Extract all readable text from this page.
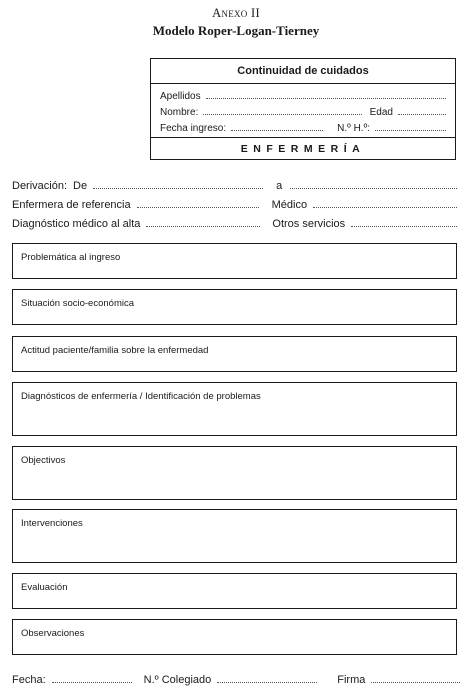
Anexo II
Modelo Roper-Logan-Tierney
Continuidad de cuidados
Apellidos
Nombre:	Edad
Fecha ingreso:	N.º H.º:
ENFERMERÍA
Derivación: De	a
Enfermera de referencia	Médico
Diagnóstico médico al alta	Otros servicios
Problemática al ingreso
Situación socio-económica
Actitud paciente/familia sobre la enfermedad
Diagnósticos de enfermería / Identificación de problemas
Objectivos
Intervenciones
Evaluación
Observaciones
Fecha:	N.º Colegiado	Firma
